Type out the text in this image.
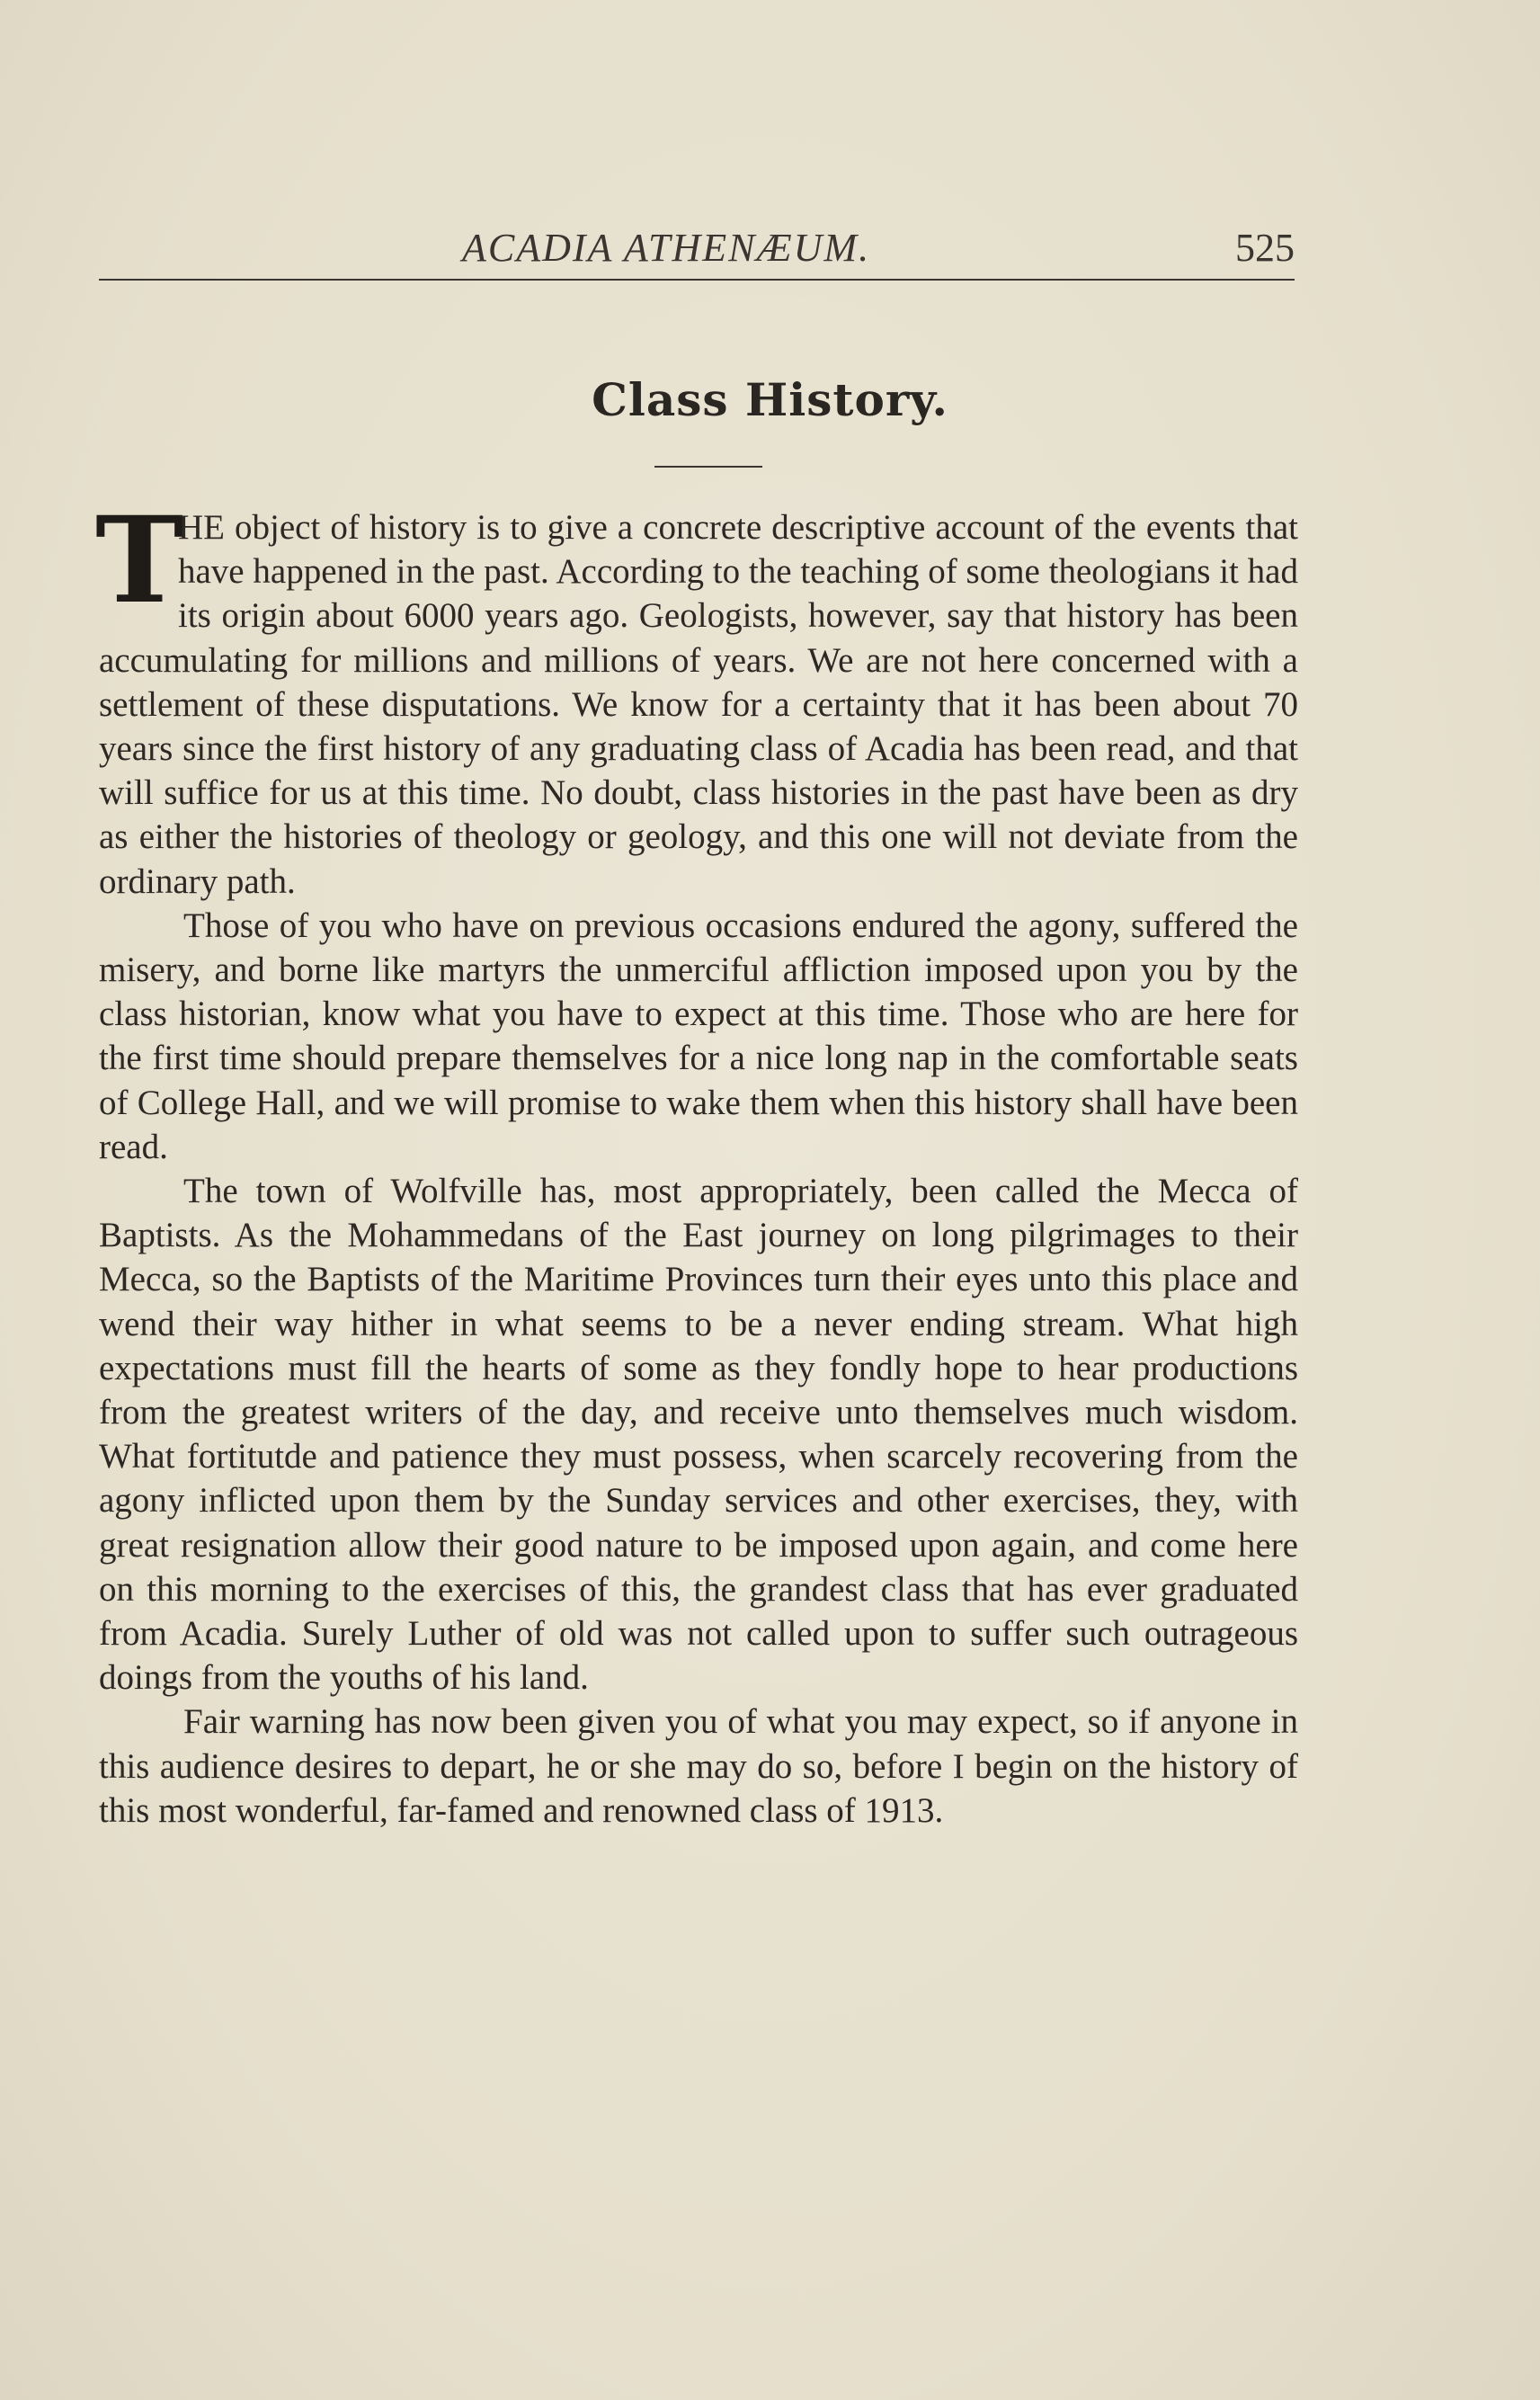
ACADIA ATHENÆUM.	525
Class History.

T
HE object of history is to give a concrete descriptive account of the events that have happened in the past. According to the teaching of some theologians it had its origin about 6000 years ago. Geologists, however, say that history has been accumulating for millions and millions of years. We are not here concerned with a settlement of these disputations. We know for a certainty that it has been about 70 years since the first history of any graduating class of Acadia has been read, and that will suffice for us at this time. No doubt, class histories in the past have been as dry as either the histories of theology or geology, and this one will not deviate from the ordinary path.

Those of you who have on previous occasions endured the agony, suffered the misery, and borne like martyrs the unmerciful affliction imposed upon you by the class historian, know what you have to expect at this time. Those who are here for the first time should prepare themselves for a nice long nap in the comfortable seats of College Hall, and we will promise to wake them when this history shall have been read.

The town of Wolfville has, most appropriately, been called the Mecca of Baptists. As the Mohammedans of the East journey on long pilgrimages to their Mecca, so the Baptists of the Maritime Provinces turn their eyes unto this place and wend their way hither in what seems to be a never ending stream. What high expectations must fill the hearts of some as they fondly hope to hear productions from the greatest writers of the day, and receive unto themselves much wisdom. What fortitutde and patience they must possess, when scarcely recovering from the agony inflicted upon them by the Sunday services and other exercises, they, with great resignation allow their good nature to be imposed upon again, and come here on this morning to the exercises of this, the grandest class that has ever graduated from Acadia. Surely Luther of old was not called upon to suffer such outrageous doings from the youths of his land.

Fair warning has now been given you of what you may expect, so if anyone in this audience desires to depart, he or she may do so, before I begin on the history of this most wonderful, far-famed and renowned class of 1913.
